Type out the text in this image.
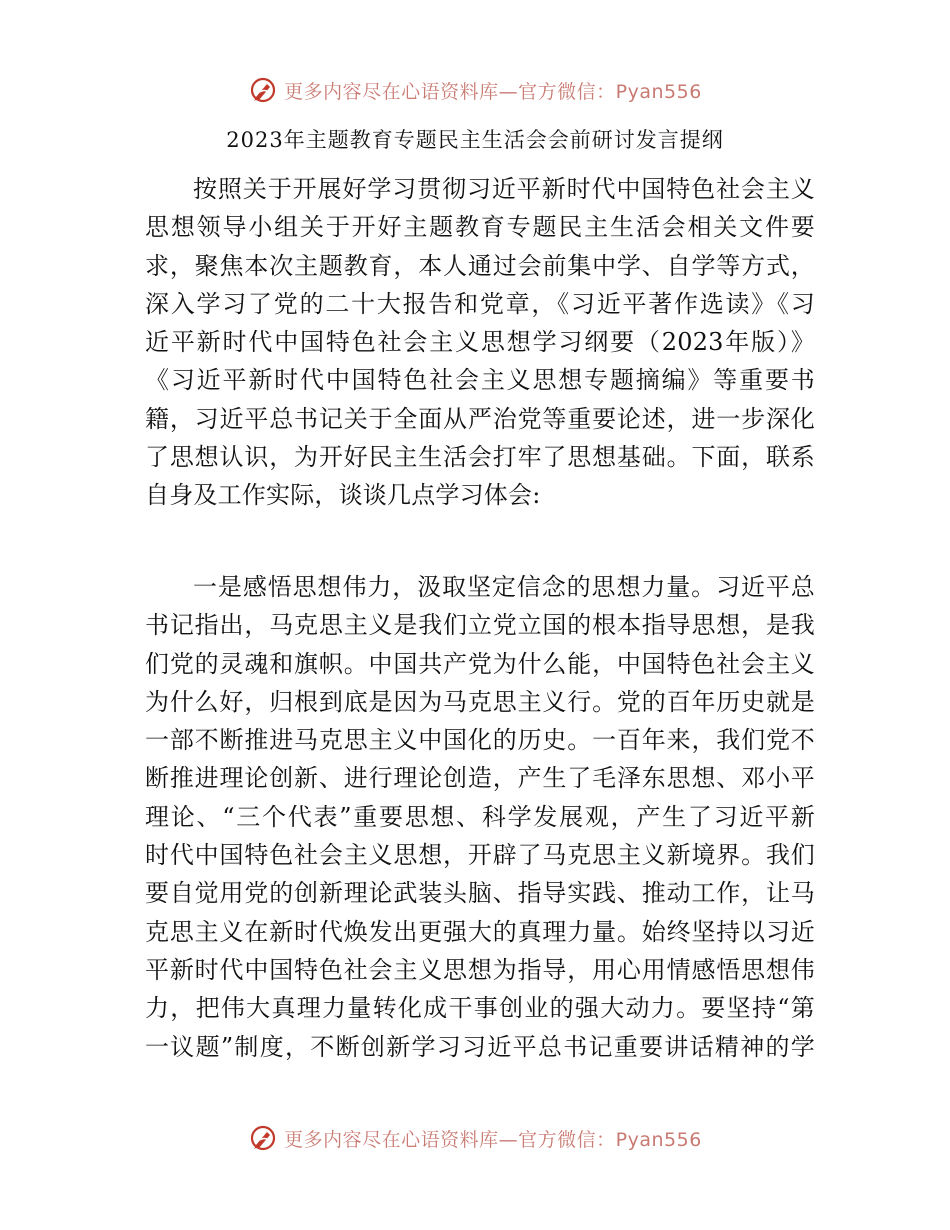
更多内容尽在心语资料库—官方微信：Pyan556
2023年主题教育专题民主生活会会前研讨发言提纲
按照关于开展好学习贯彻习近平新时代中国特色社会主义
思想领导小组关于开好主题教育专题民主生活会相关文件要
求，聚焦本次主题教育，本人通过会前集中学、自学等方式，
深入学习了党的二十大报告和党章，《习近平著作选读》《习
近平新时代中国特色社会主义思想学习纲要（2023年版）》
《习近平新时代中国特色社会主义思想专题摘编》等重要书
籍，习近平总书记关于全面从严治党等重要论述，进一步深化
了思想认识，为开好民主生活会打牢了思想基础。下面，联系
自身及工作实际，谈谈几点学习体会:
一是感悟思想伟力，汲取坚定信念的思想力量。习近平总
书记指出，马克思主义是我们立党立国的根本指导思想，是我
们党的灵魂和旗帜。中国共产党为什么能，中国特色社会主义
为什么好，归根到底是因为马克思主义行。党的百年历史就是
一部不断推进马克思主义中国化的历史。一百年来，我们党不
断推进理论创新、进行理论创造，产生了毛泽东思想、邓小平
理论、“三个代表”重要思想、科学发展观，产生了习近平新
时代中国特色社会主义思想，开辟了马克思主义新境界。我们
要自觉用党的创新理论武装头脑、指导实践、推动工作，让马
克思主义在新时代焕发出更强大的真理力量。始终坚持以习近
平新时代中国特色社会主义思想为指导，用心用情感悟思想伟
力，把伟大真理力量转化成干事创业的强大动力。要坚持“第
一议题”制度，不断创新学习习近平总书记重要讲话精神的学
更多内容尽在心语资料库—官方微信：Pyan556
